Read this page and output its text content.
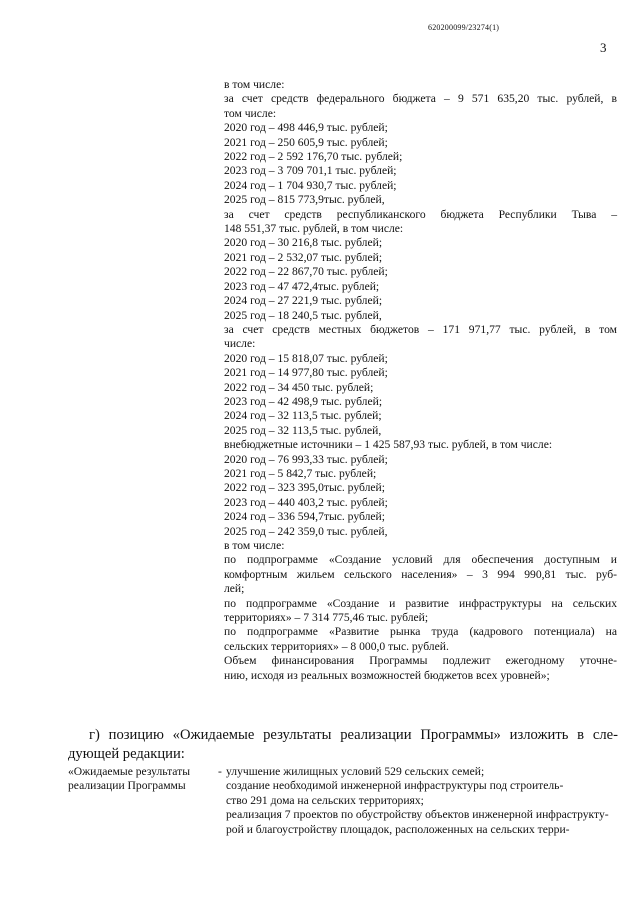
620200099/23274(1)
3
в том числе:
за счет средств федерального бюджета – 9 571 635,20 тыс. рублей, в
том числе:
2020 год – 498 446,9 тыс. рублей;
2021 год – 250 605,9 тыс. рублей;
2022 год – 2 592 176,70 тыс. рублей;
2023 год – 3 709 701,1 тыс. рублей;
2024 год – 1 704 930,7 тыс. рублей;
2025 год – 815 773,9тыс. рублей,
за счет средств республиканского бюджета Республики Тыва –
148 551,37 тыс. рублей, в том числе:
2020 год – 30 216,8 тыс. рублей;
2021 год – 2 532,07 тыс. рублей;
2022 год – 22 867,70 тыс. рублей;
2023 год – 47 472,4тыс. рублей;
2024 год – 27 221,9 тыс. рублей;
2025 год – 18 240,5 тыс. рублей,
за счет средств местных бюджетов – 171 971,77 тыс. рублей, в том
числе:
2020 год – 15 818,07 тыс. рублей;
2021 год – 14 977,80 тыс. рублей;
2022 год – 34 450 тыс. рублей;
2023 год – 42 498,9 тыс. рублей;
2024 год – 32 113,5 тыс. рублей;
2025 год – 32 113,5 тыс. рублей,
внебюджетные источники – 1 425 587,93 тыс. рублей, в том числе:
2020 год – 76 993,33 тыс. рублей;
2021 год – 5 842,7 тыс. рублей;
2022 год – 323 395,0тыс. рублей;
2023 год – 440 403,2 тыс. рублей;
2024 год – 336 594,7тыс. рублей;
2025 год – 242 359,0 тыс. рублей,
в том числе:
по подпрограмме «Создание условий для обеспечения доступным и
комфортным жильем сельского населения» – 3 994 990,81 тыс. руб-
лей;
по подпрограмме «Создание и развитие инфраструктуры на сельских
территориях» – 7 314 775,46 тыс. рублей;
по подпрограмме «Развитие рынка труда (кадрового потенциала) на
сельских территориях» – 8 000,0 тыс. рублей.
Объем финансирования Программы подлежит ежегодному уточне-
нию, исходя из реальных возможностей бюджетов всех уровней»;
г) позицию «Ожидаемые результаты реализации Программы» изложить в сле-
дующей редакции:
«Ожидаемые результаты
реализации Программы
- улучшение жилищных условий 529 сельских семей;
создание необходимой инженерной инфраструктуры под строитель-
ство 291 дома на сельских территориях;
реализация 7 проектов по обустройству объектов инженерной инфраструкту-
рой и благоустройству площадок, расположенных на сельских терри-
